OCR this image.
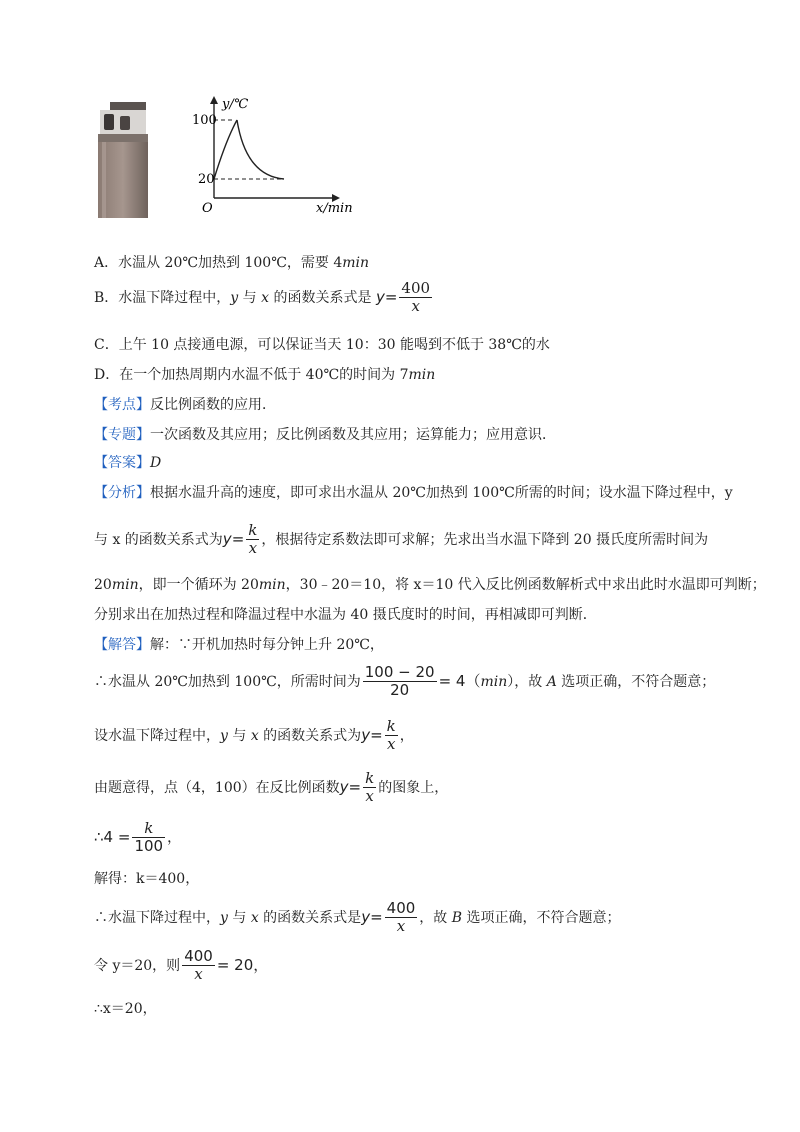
y/℃
100
20
O	x/min
A．水温从 20℃加热到 100℃，需要 4min
B．水温下降过程中，y 与 x 的函数关系式是 $y= \frac{400}{x}$
C．上午 10 点接通电源，可以保证当天 10：30 能喝到不低于 38℃的水
D．在一个加热周期内水温不低于 40℃的时间为 7min
【考点】反比例函数的应用．
【专题】一次函数及其应用；反比例函数及其应用；运算能力；应用意识．
【答案】D
【分析】根据水温升高的速度，即可求出水温从 20℃加热到 100℃所需的时间；设水温下降过程中，y
与 x 的函数关系式为$y= \frac{k}{x}$ ，根据待定系数法即可求解；先求出当水温下降到 20 摄氏度所需时间为
20min，即一个循环为 20min，30﹣20＝10，将 x＝10 代入反比例函数解析式中求出此时水温即可判断；
分别求出在加热过程和降温过程中水温为 40 摄氏度时的时间，再相减即可判断．
【解答】解：∵开机加热时每分钟上升 20℃，
∴水温从 20℃加热到 100℃，所需时间为 $\frac{100 - 20}{20} = 4(\min)$，故 A 选项正确，不符合题意；
设水温下降过程中，y 与 x 的函数关系式为$y= \frac{k}{x}$ ，
由题意得，点（4，100）在反比例函数$y= \frac{k}{x}$ 的图象上，
∴4 = $\frac{k}{100}$ ，
解得：k＝400，
∴水温下降过程中，y 与 x 的函数关系式是$y= \frac{400}{x}$ ，故 B 选项正确，不符合题意；
令 y＝20，则 $\frac{400}{x} = 20$，
∴x＝20，
